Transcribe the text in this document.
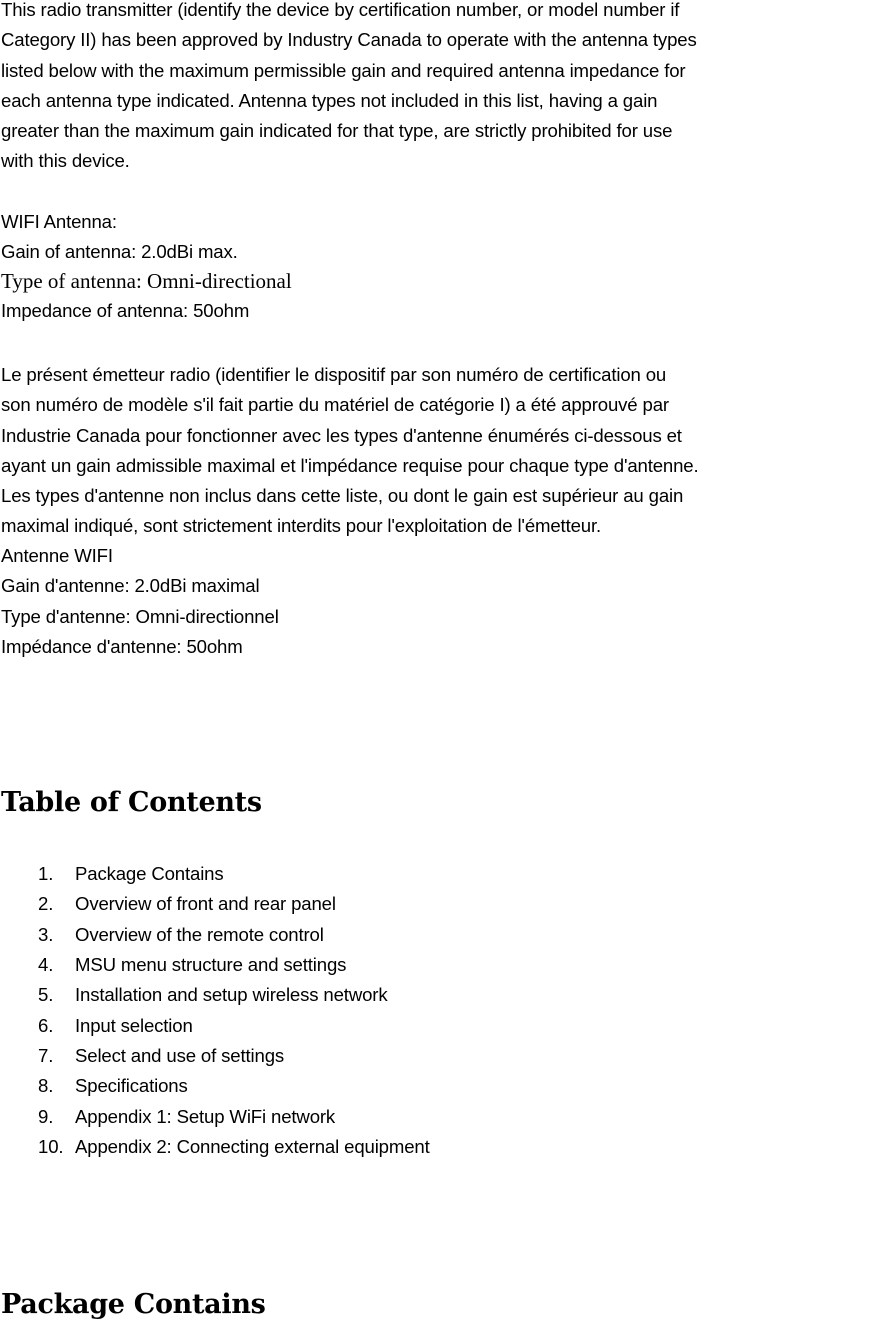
This radio transmitter (identify the device by certification number, or model number if
Category II) has been approved by Industry Canada to operate with the antenna types
listed below with the maximum permissible gain and required antenna impedance for
each antenna type indicated. Antenna types not included in this list, having a gain
greater than the maximum gain indicated for that type, are strictly prohibited for use
with this device.
WIFI Antenna:
Gain of antenna: 2.0dBi max.
Type of antenna: Omni-directional
Impedance of antenna: 50ohm
Le présent émetteur radio (identifier le dispositif par son numéro de certification ou
son numéro de modèle s'il fait partie du matériel de catégorie I) a été approuvé par
Industrie Canada pour fonctionner avec les types d'antenne énumérés ci-dessous et
ayant un gain admissible maximal et l'impédance requise pour chaque type d'antenne.
Les types d'antenne non inclus dans cette liste, ou dont le gain est supérieur au gain
maximal indiqué, sont strictement interdits pour l'exploitation de l'émetteur.
Antenne WIFI
Gain d'antenne: 2.0dBi maximal
Type d'antenne: Omni-directionnel
Impédance d'antenne: 50ohm
Table of Contents
1. Package Contains
2. Overview of front and rear panel
3. Overview of the remote control
4. MSU menu structure and settings
5. Installation and setup wireless network
6. Input selection
7. Select and use of settings
8. Specifications
9. Appendix 1: Setup WiFi network
10. Appendix 2: Connecting external equipment
Package Contains
